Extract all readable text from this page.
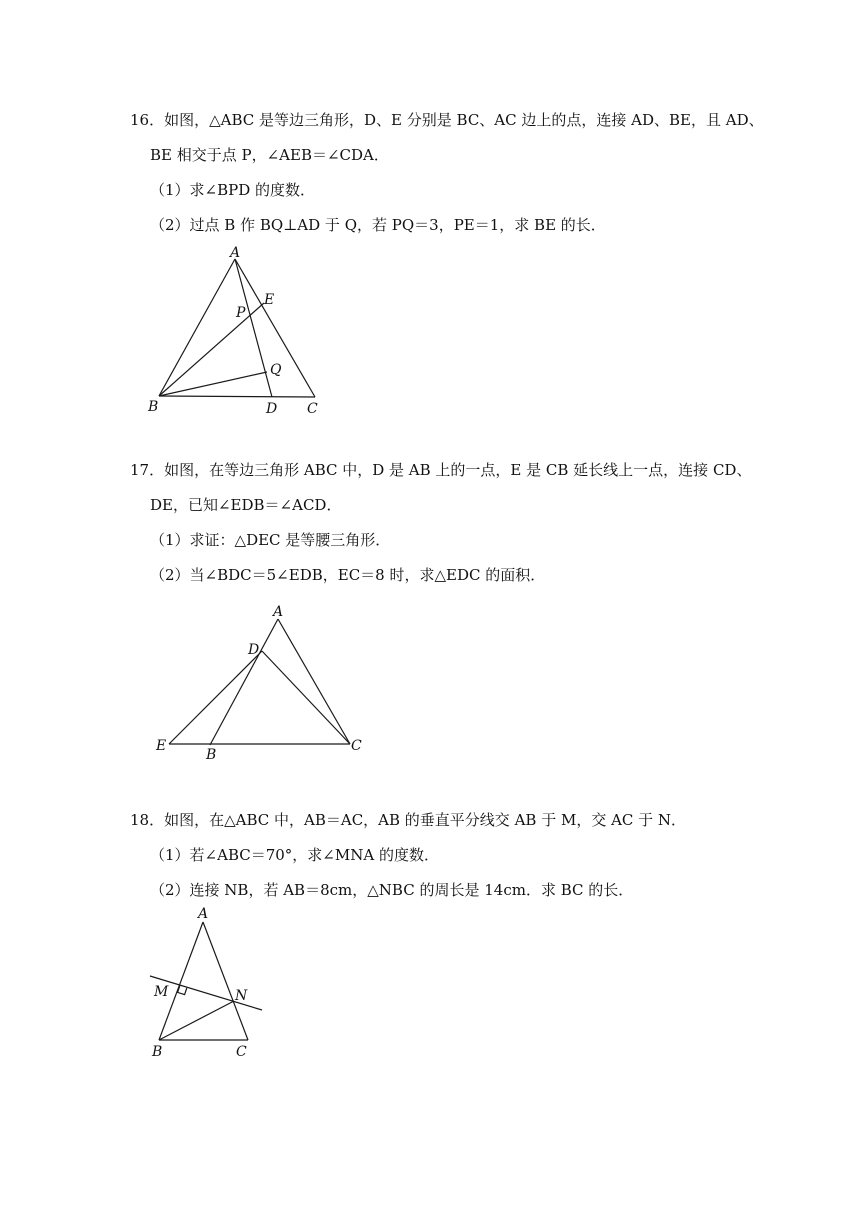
16．如图，△ABC 是等边三角形，D、E 分别是 BC、AC 边上的点，连接 AD、BE，且 AD、
BE 相交于点 P，∠AEB＝∠CDA．
（1）求∠BPD 的度数．
（2）过点 B 作 BQ⊥AD 于 Q，若 PQ＝3，PE＝1，求 BE 的长．
A
E
P
Q
B	D C
17．如图，在等边三角形 ABC 中，D 是 AB 上的一点，E 是 CB 延长线上一点，连接 CD、
DE，已知∠EDB＝∠ACD．
（1）求证：△DEC 是等腰三角形．
（2）当∠BDC＝5∠EDB，EC＝8 时，求△EDC 的面积．
A
D
E
B
C
18．如图，在△ABC 中，AB＝AC，AB 的垂直平分线交 AB 于 M，交 AC 于 N．
（1）若∠ABC＝70°，求∠MNA 的度数．
（2）连接 NB，若 AB＝8cm，△NBC 的周长是 14cm．求 BC 的长．
A
M	N
B	C
